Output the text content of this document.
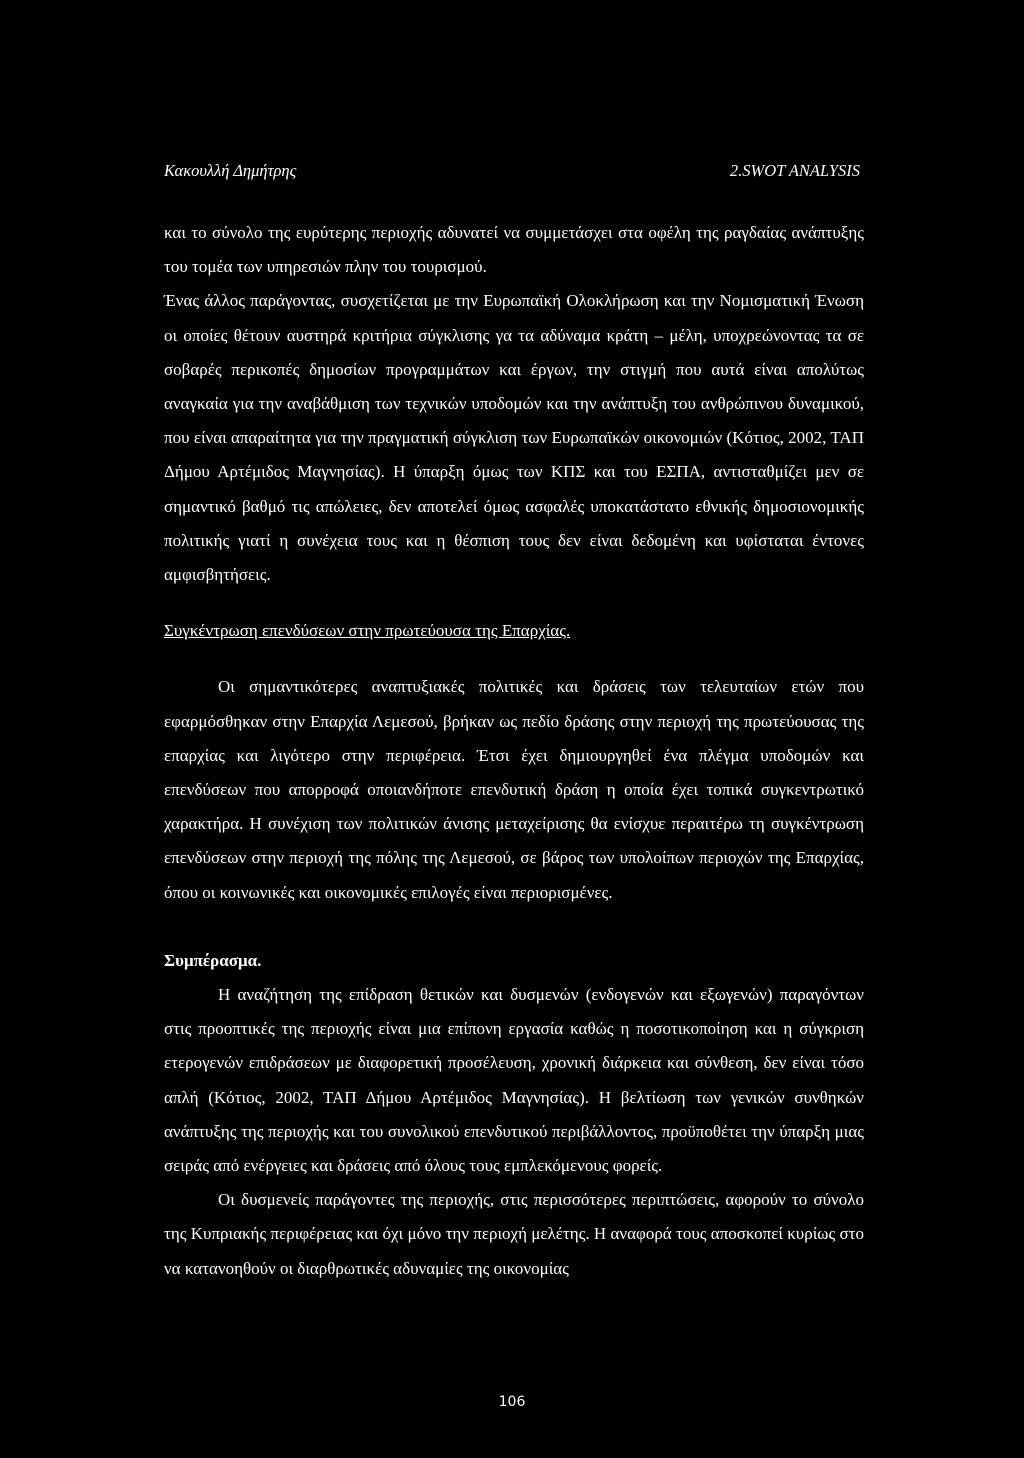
Κακουλλή Δημήτρης	2.SWOT ANALYSIS

και το σύνολο της ευρύτερης περιοχής αδυνατεί να συμμετάσχει στα οφέλη της ραγδαίας ανάπτυξης του τομέα των υπηρεσιών πλην του τουρισμού.

Ένας άλλος παράγοντας, συσχετίζεται με την Ευρωπαϊκή Ολοκλήρωση και την Νομισματική Ένωση οι οποίες θέτουν αυστηρά κριτήρια σύγκλισης γα τα αδύναμα κράτη – μέλη, υποχρεώνοντας τα σε σοβαρές περικοπές δημοσίων προγραμμάτων και έργων, την στιγμή που αυτά είναι απολύτως αναγκαία για την αναβάθμιση των τεχνικών υποδομών και την ανάπτυξη του ανθρώπινου δυναμικού, που είναι απαραίτητα για την πραγματική σύγκλιση των Ευρωπαϊκών οικονομιών (Κότιος, 2002, ΤΑΠ Δήμου Αρτέμιδος Μαγνησίας). Η ύπαρξη όμως των ΚΠΣ και του ΕΣΠΑ, αντισταθμίζει μεν σε σημαντικό βαθμό τις απώλειες, δεν αποτελεί όμως ασφαλές υποκατάστατο εθνικής δημοσιονομικής πολιτικής γιατί η συνέχεια τους και η θέσπιση τους δεν είναι δεδομένη και υφίσταται έντονες αμφισβητήσεις.

Συγκέντρωση επενδύσεων στην πρωτεύουσα της Επαρχίας.

Οι σημαντικότερες αναπτυξιακές πολιτικές και δράσεις των τελευταίων ετών που εφαρμόσθηκαν στην Επαρχία Λεμεσού, βρήκαν ως πεδίο δράσης στην περιοχή της πρωτεύουσας της επαρχίας και λιγότερο στην περιφέρεια. Έτσι έχει δημιουργηθεί ένα πλέγμα υποδομών και επενδύσεων που απορροφά οποιανδήποτε επενδυτική δράση η οποία έχει τοπικά συγκεντρωτικό χαρακτήρα. Η συνέχιση των πολιτικών άνισης μεταχείρισης θα ενίσχυε περαιτέρω τη συγκέντρωση επενδύσεων στην περιοχή της πόλης της Λεμεσού, σε βάρος των υπολοίπων περιοχών της Επαρχίας, όπου οι κοινωνικές και οικονομικές επιλογές είναι περιορισμένες.

Συμπέρασμα.

Η αναζήτηση της επίδραση θετικών και δυσμενών (ενδογενών και εξωγενών) παραγόντων στις προοπτικές της περιοχής είναι μια επίπονη εργασία καθώς η ποσοτικοποίηση και η σύγκριση ετερογενών επιδράσεων με διαφορετική προσέλευση, χρονική διάρκεια και σύνθεση, δεν είναι τόσο απλή (Κότιος, 2002, ΤΑΠ Δήμου Αρτέμιδος Μαγνησίας). Η βελτίωση των γενικών συνθηκών ανάπτυξης της περιοχής και του συνολικού επενδυτικού περιβάλλοντος, προϋποθέτει την ύπαρξη μιας σειράς από ενέργειες και δράσεις από όλους τους εμπλεκόμενους φορείς.

Οι δυσμενείς παράγοντες της περιοχής, στις περισσότερες περιπτώσεις, αφορούν το σύνολο της Κυπριακής περιφέρειας και όχι μόνο την περιοχή μελέτης. Η αναφορά τους αποσκοπεί κυρίως στο να κατανοηθούν οι διαρθρωτικές αδυναμίες της οικονομίας

106
